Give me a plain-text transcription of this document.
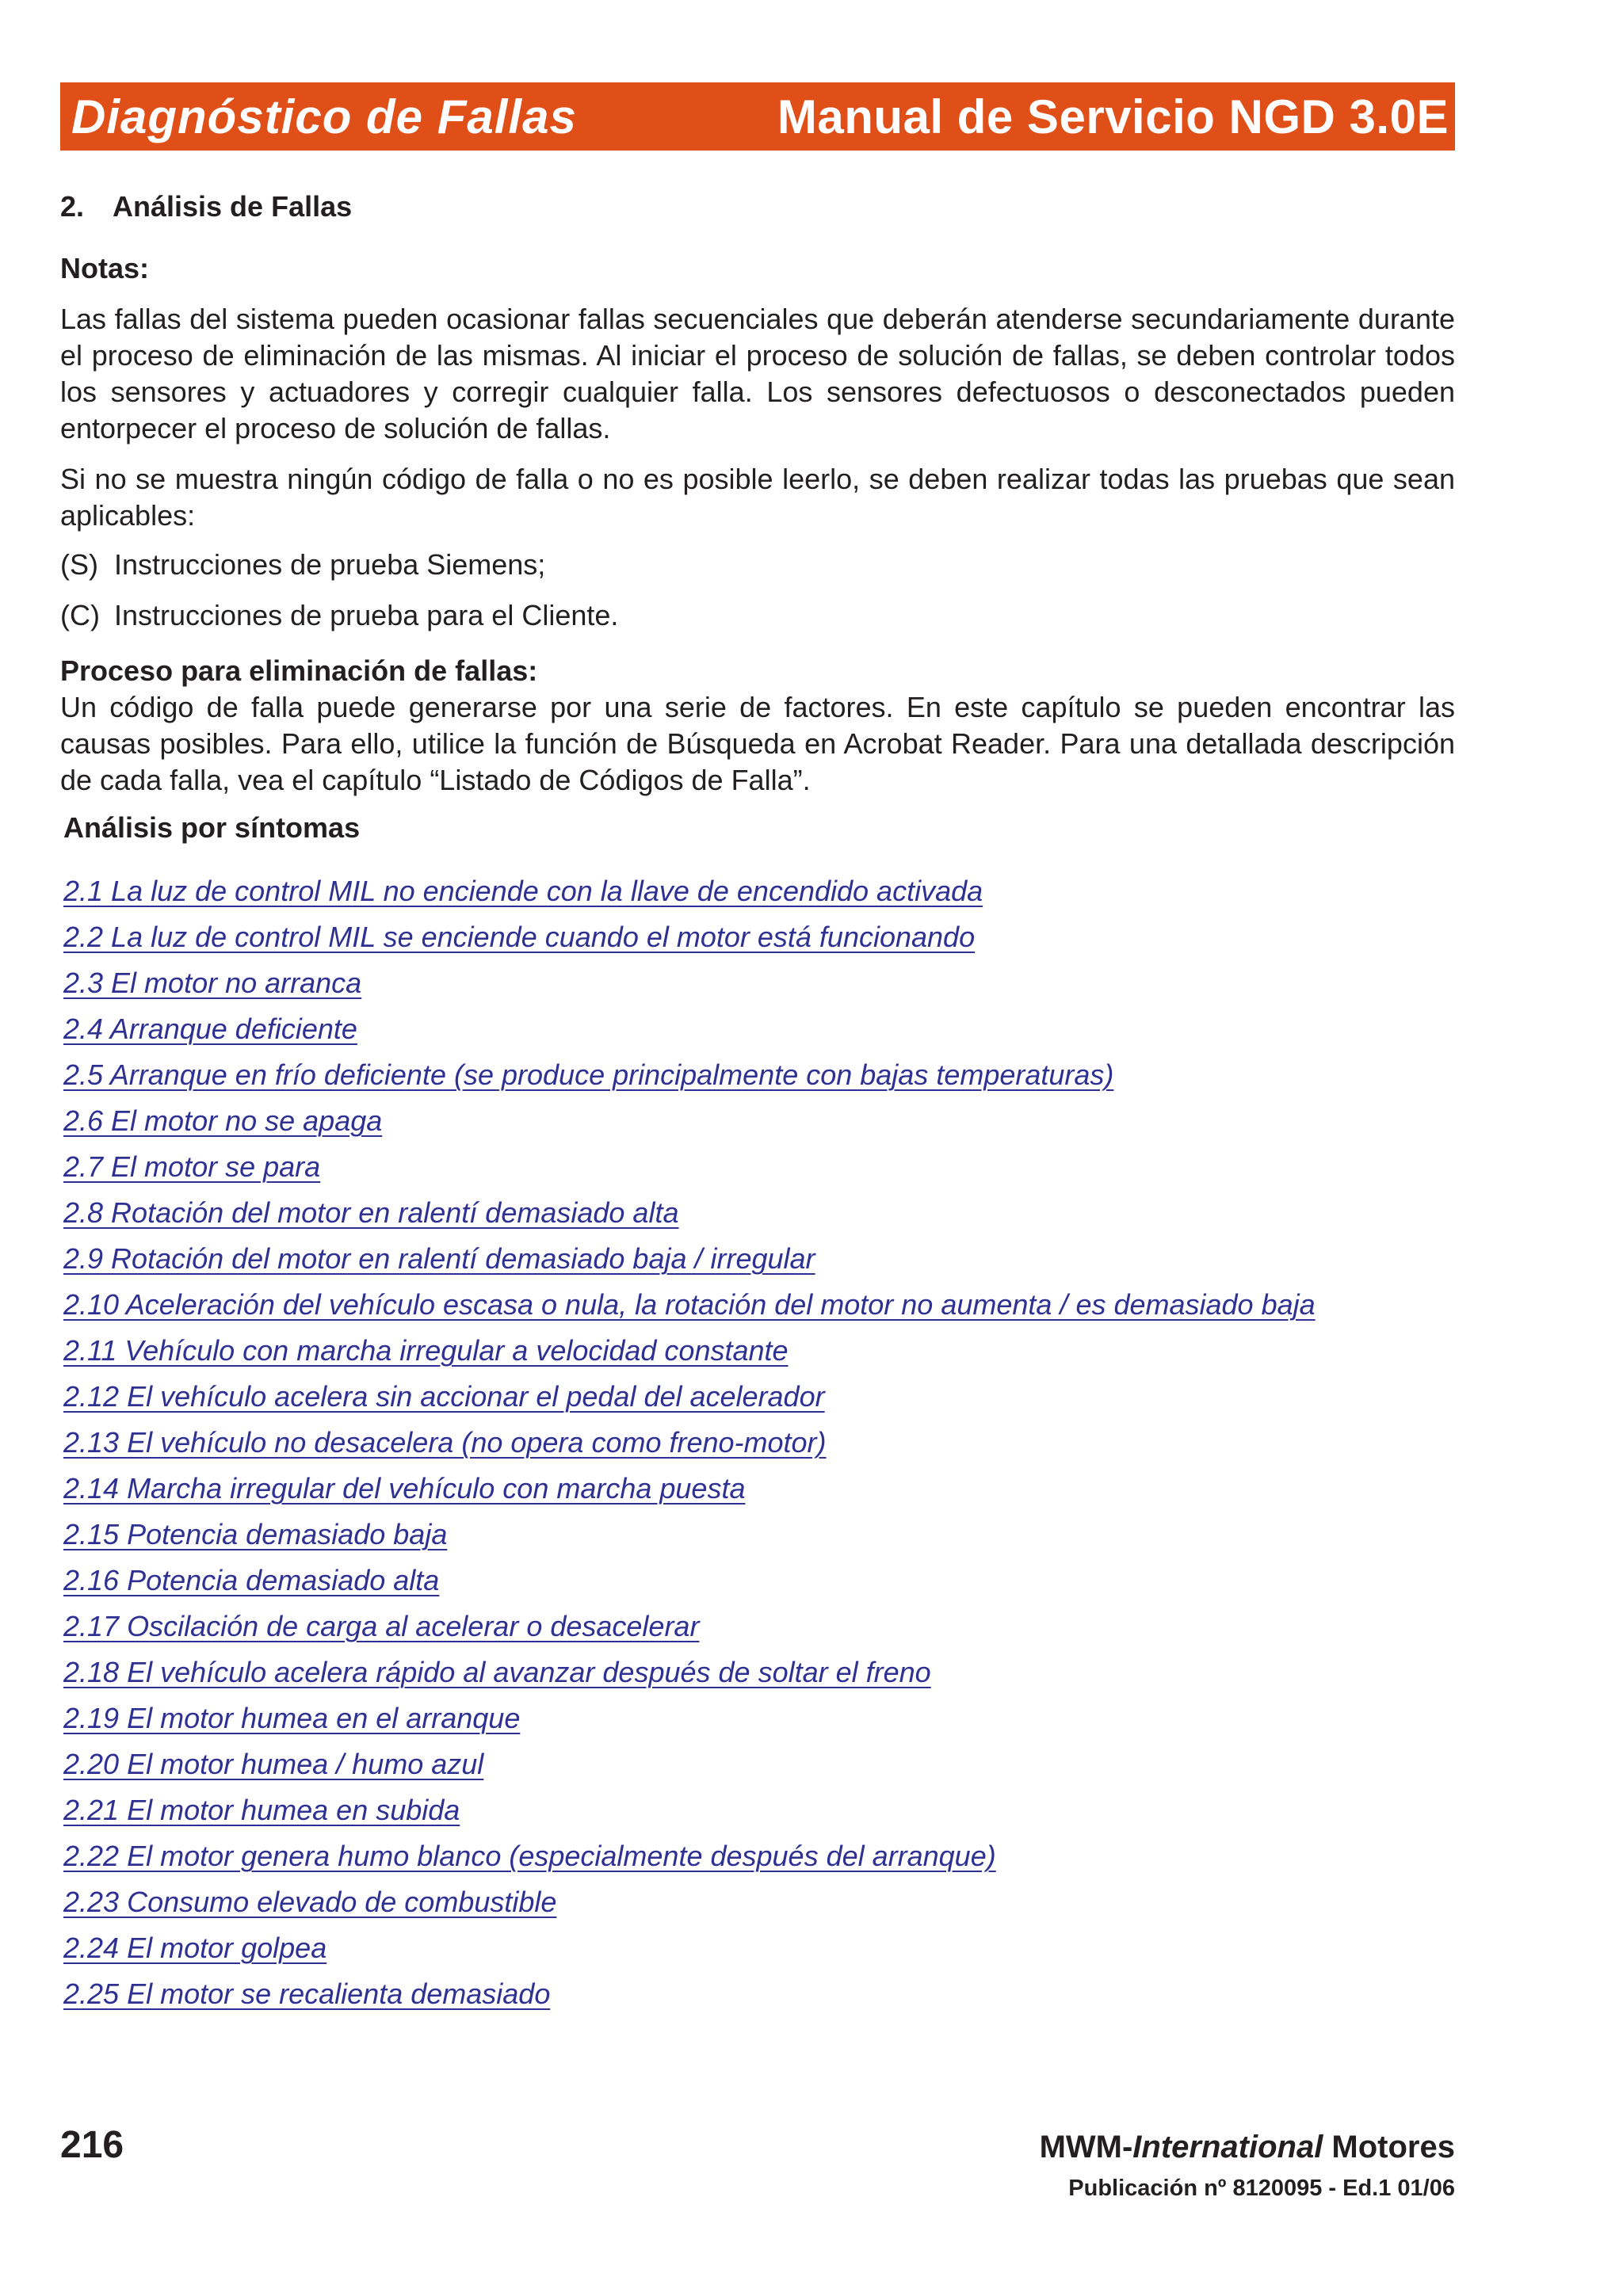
Diagnóstico de Fallas	Manual de Servicio NGD 3.0E
2. Análisis de Fallas
Notas:
Las fallas del sistema pueden ocasionar fallas secuenciales que deberán atenderse secundariamente durante el proceso de eliminación de las mismas. Al iniciar el proceso de solución de fallas, se deben controlar todos los sensores y actuadores y corregir cualquier falla. Los sensores defectuosos o desconectados pueden entorpecer el proceso de solución de fallas.
Si no se muestra ningún código de falla o no es posible leerlo, se deben realizar todas las pruebas que sean aplicables:
(S) Instrucciones de prueba Siemens;
(C) Instrucciones de prueba para el Cliente.
Proceso para eliminación de fallas:
Un código de falla puede generarse por una serie de factores. En este capítulo se pueden encontrar las causas posibles. Para ello, utilice la función de Búsqueda en Acrobat Reader. Para una detallada descripción de cada falla, vea el capítulo “Listado de Códigos de Falla”.
Análisis por síntomas
2.1 La luz de control MIL no enciende con la llave de encendido activada
2.2 La luz de control MIL se enciende cuando el motor está funcionando
2.3 El motor no arranca
2.4 Arranque deficiente
2.5 Arranque en frío deficiente (se produce principalmente con bajas temperaturas)
2.6 El motor no se apaga
2.7 El motor se para
2.8 Rotación del motor en ralentí demasiado alta
2.9 Rotación del motor en ralentí demasiado baja / irregular
2.10 Aceleración del vehículo escasa o nula, la rotación del motor no aumenta / es demasiado baja
2.11 Vehículo con marcha irregular a velocidad constante
2.12 El vehículo acelera sin accionar el pedal del acelerador
2.13 El vehículo no desacelera (no opera como freno-motor)
2.14 Marcha irregular del vehículo con marcha puesta
2.15 Potencia demasiado baja
2.16 Potencia demasiado alta
2.17 Oscilación de carga al acelerar o desacelerar
2.18 El vehículo acelera rápido al avanzar después de soltar el freno
2.19 El motor humea en el arranque
2.20 El motor humea / humo azul
2.21 El motor humea en subida
2.22 El motor genera humo blanco (especialmente después del arranque)
2.23 Consumo elevado de combustible
2.24 El motor golpea
2.25 El motor se recalienta demasiado
216	MWM-International Motores
Publicación nº 8120095 - Ed.1 01/06
